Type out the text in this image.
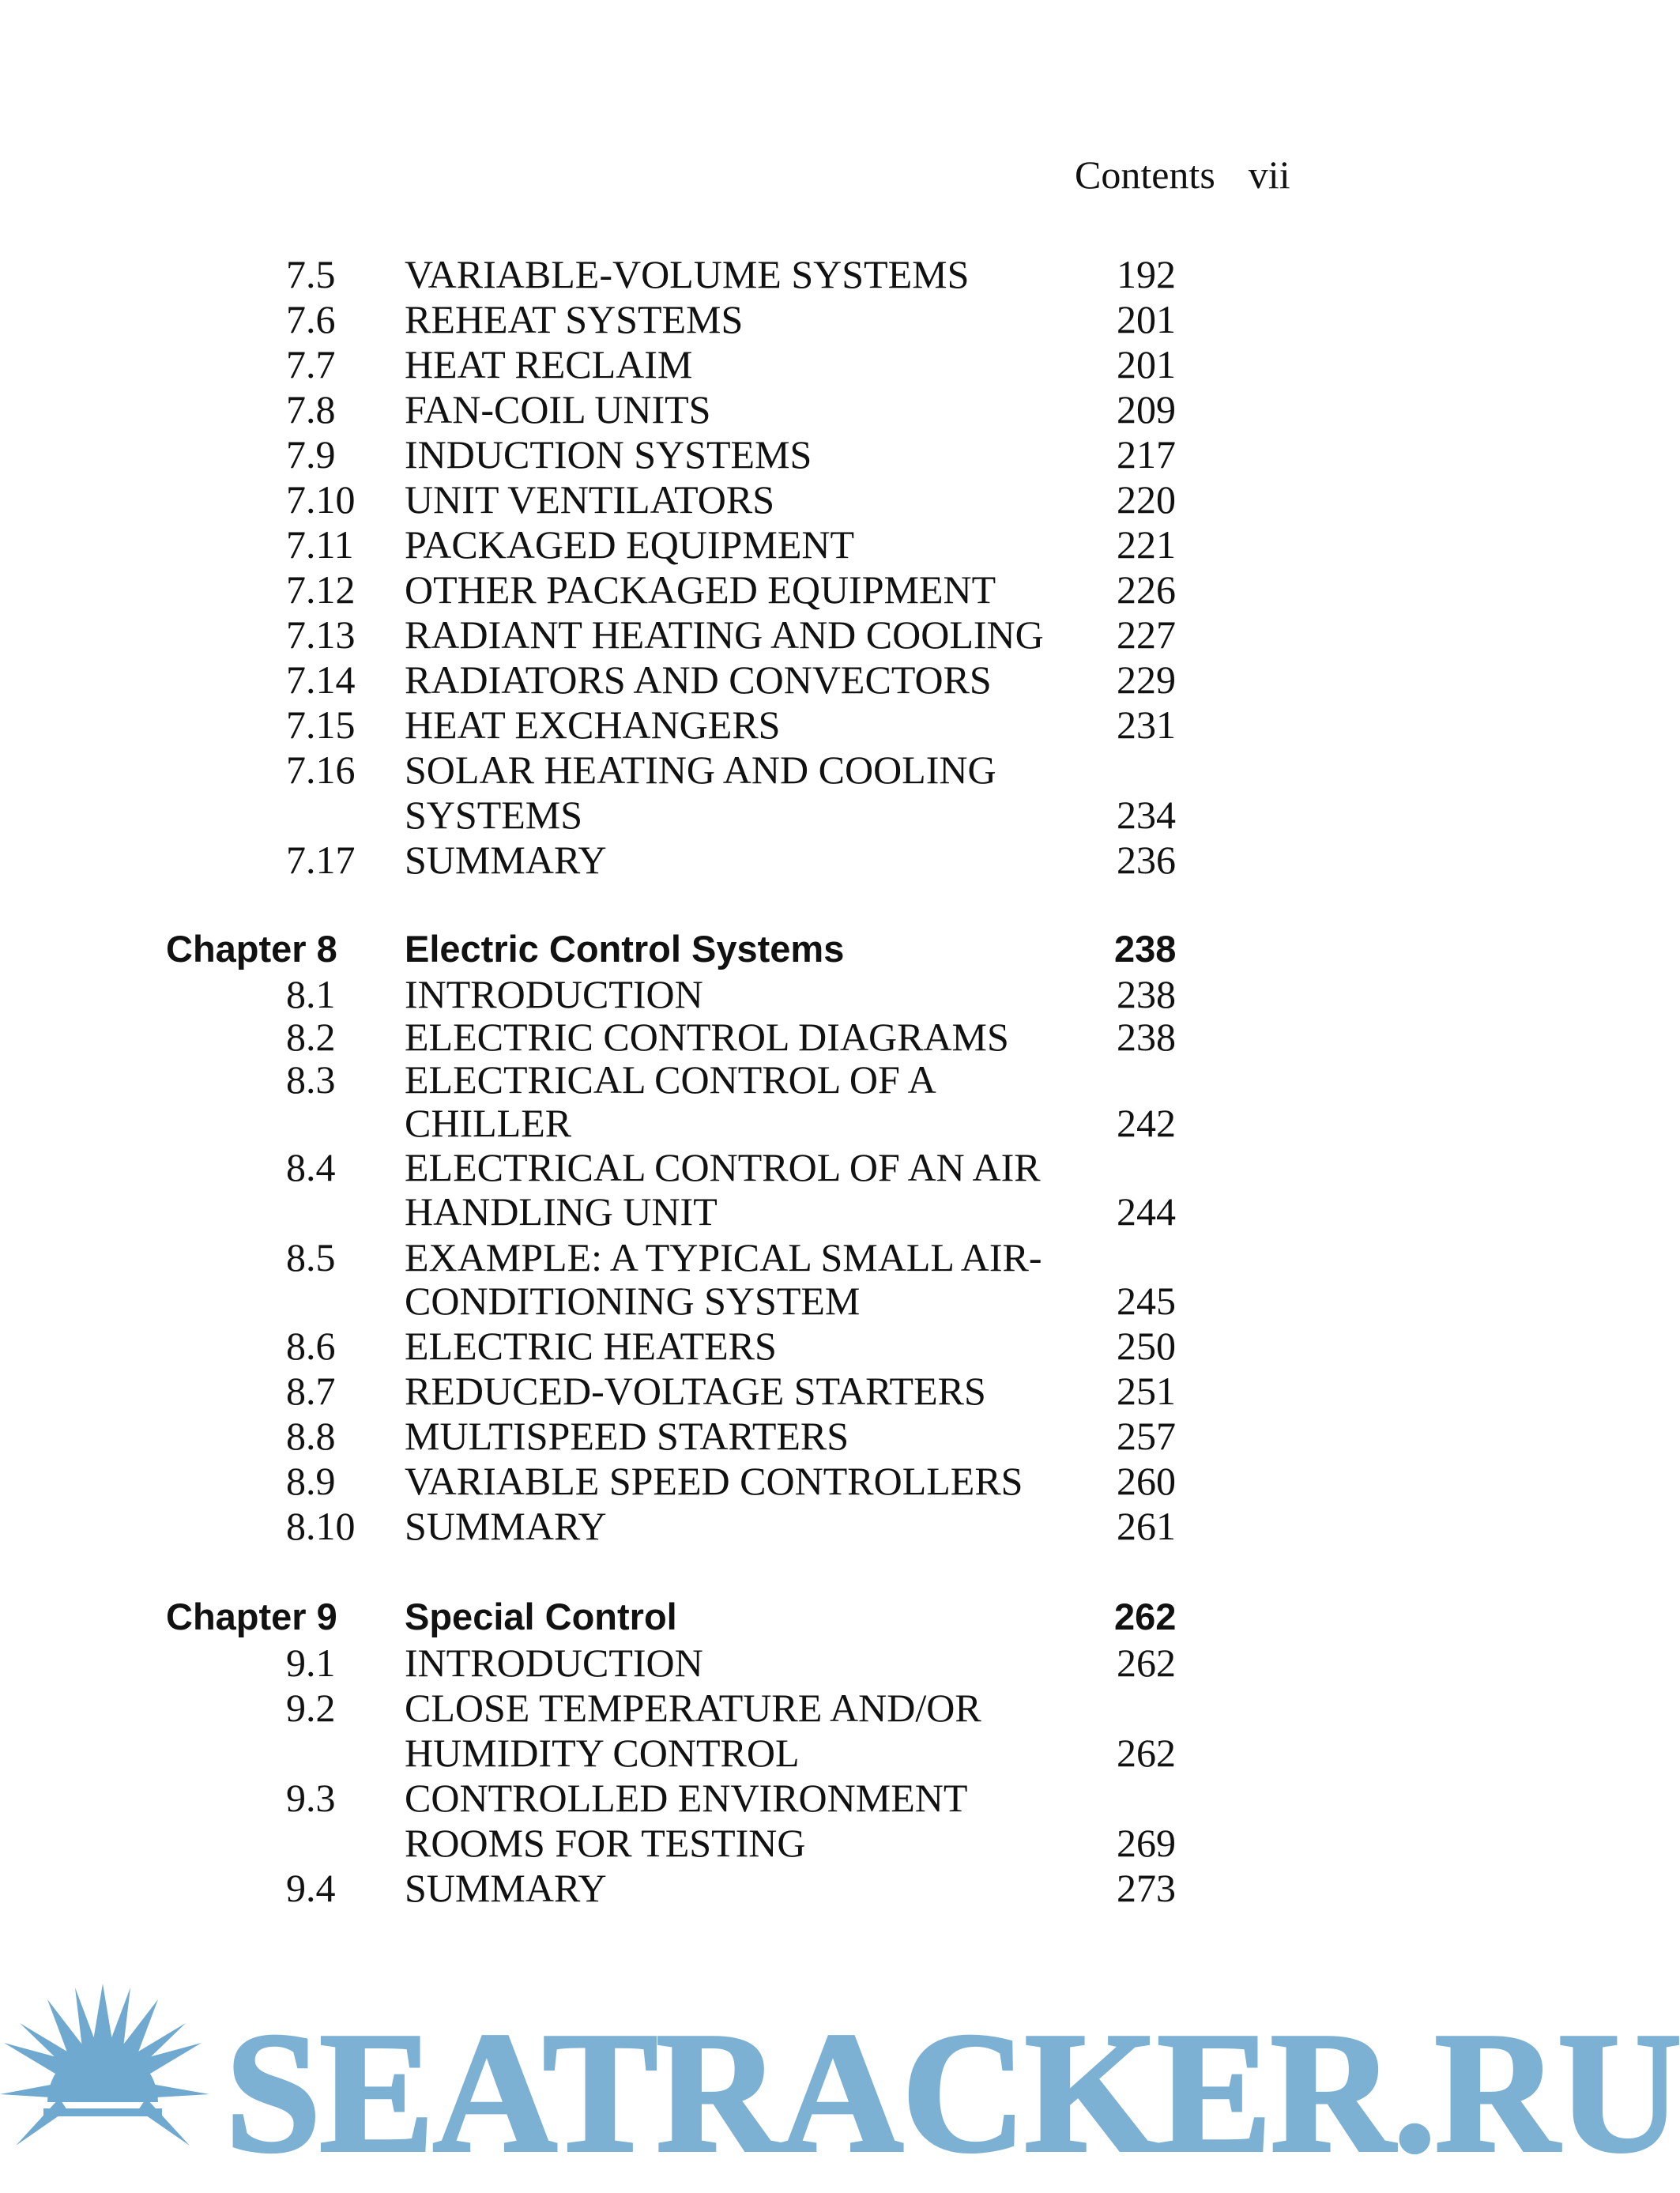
Contents vii
7.5 VARIABLE-VOLUME SYSTEMS	192
7.6 REHEAT SYSTEMS	201
7.7 HEAT RECLAIM	201
7.8 FAN-COIL UNITS	209
7.9 INDUCTION SYSTEMS	217
7.10 UNIT VENTILATORS	220
7.11 PACKAGED EQUIPMENT	221
7.12 OTHER PACKAGED EQUIPMENT	226
7.13 RADIANT HEATING AND COOLING 227
7.14 RADIATORS AND CONVECTORS	229
7.15 HEAT EXCHANGERS	231
7.16 SOLAR HEATING AND COOLING
SYSTEMS	234
7.17 SUMMARY	236
Chapter 8 Electric Control Systems	238
8.1 INTRODUCTION	238
8.2 ELECTRIC CONTROL DIAGRAMS	238
8.3 ELECTRICAL CONTROL OF A
CHILLER	242
8.4 ELECTRICAL CONTROL OF AN AIR
HANDLING UNIT	244
8.5 EXAMPLE: A TYPICAL SMALL AIR-
CONDITIONING SYSTEM	245
8.6 ELECTRIC HEATERS	250
8.7 REDUCED-VOLTAGE STARTERS	251
8.8 MULTISPEED STARTERS	257
8.9 VARIABLE SPEED CONTROLLERS 260
8.10 SUMMARY	261
Chapter 9 Special Control	262
9.1 INTRODUCTION	262
9.2 CLOSE TEMPERATURE AND/OR
HUMIDITY CONTROL	262
9.3 CONTROLLED ENVIRONMENT
ROOMS FOR TESTING	269
9.4 SUMMARY	273
SEATRACKER.RU
